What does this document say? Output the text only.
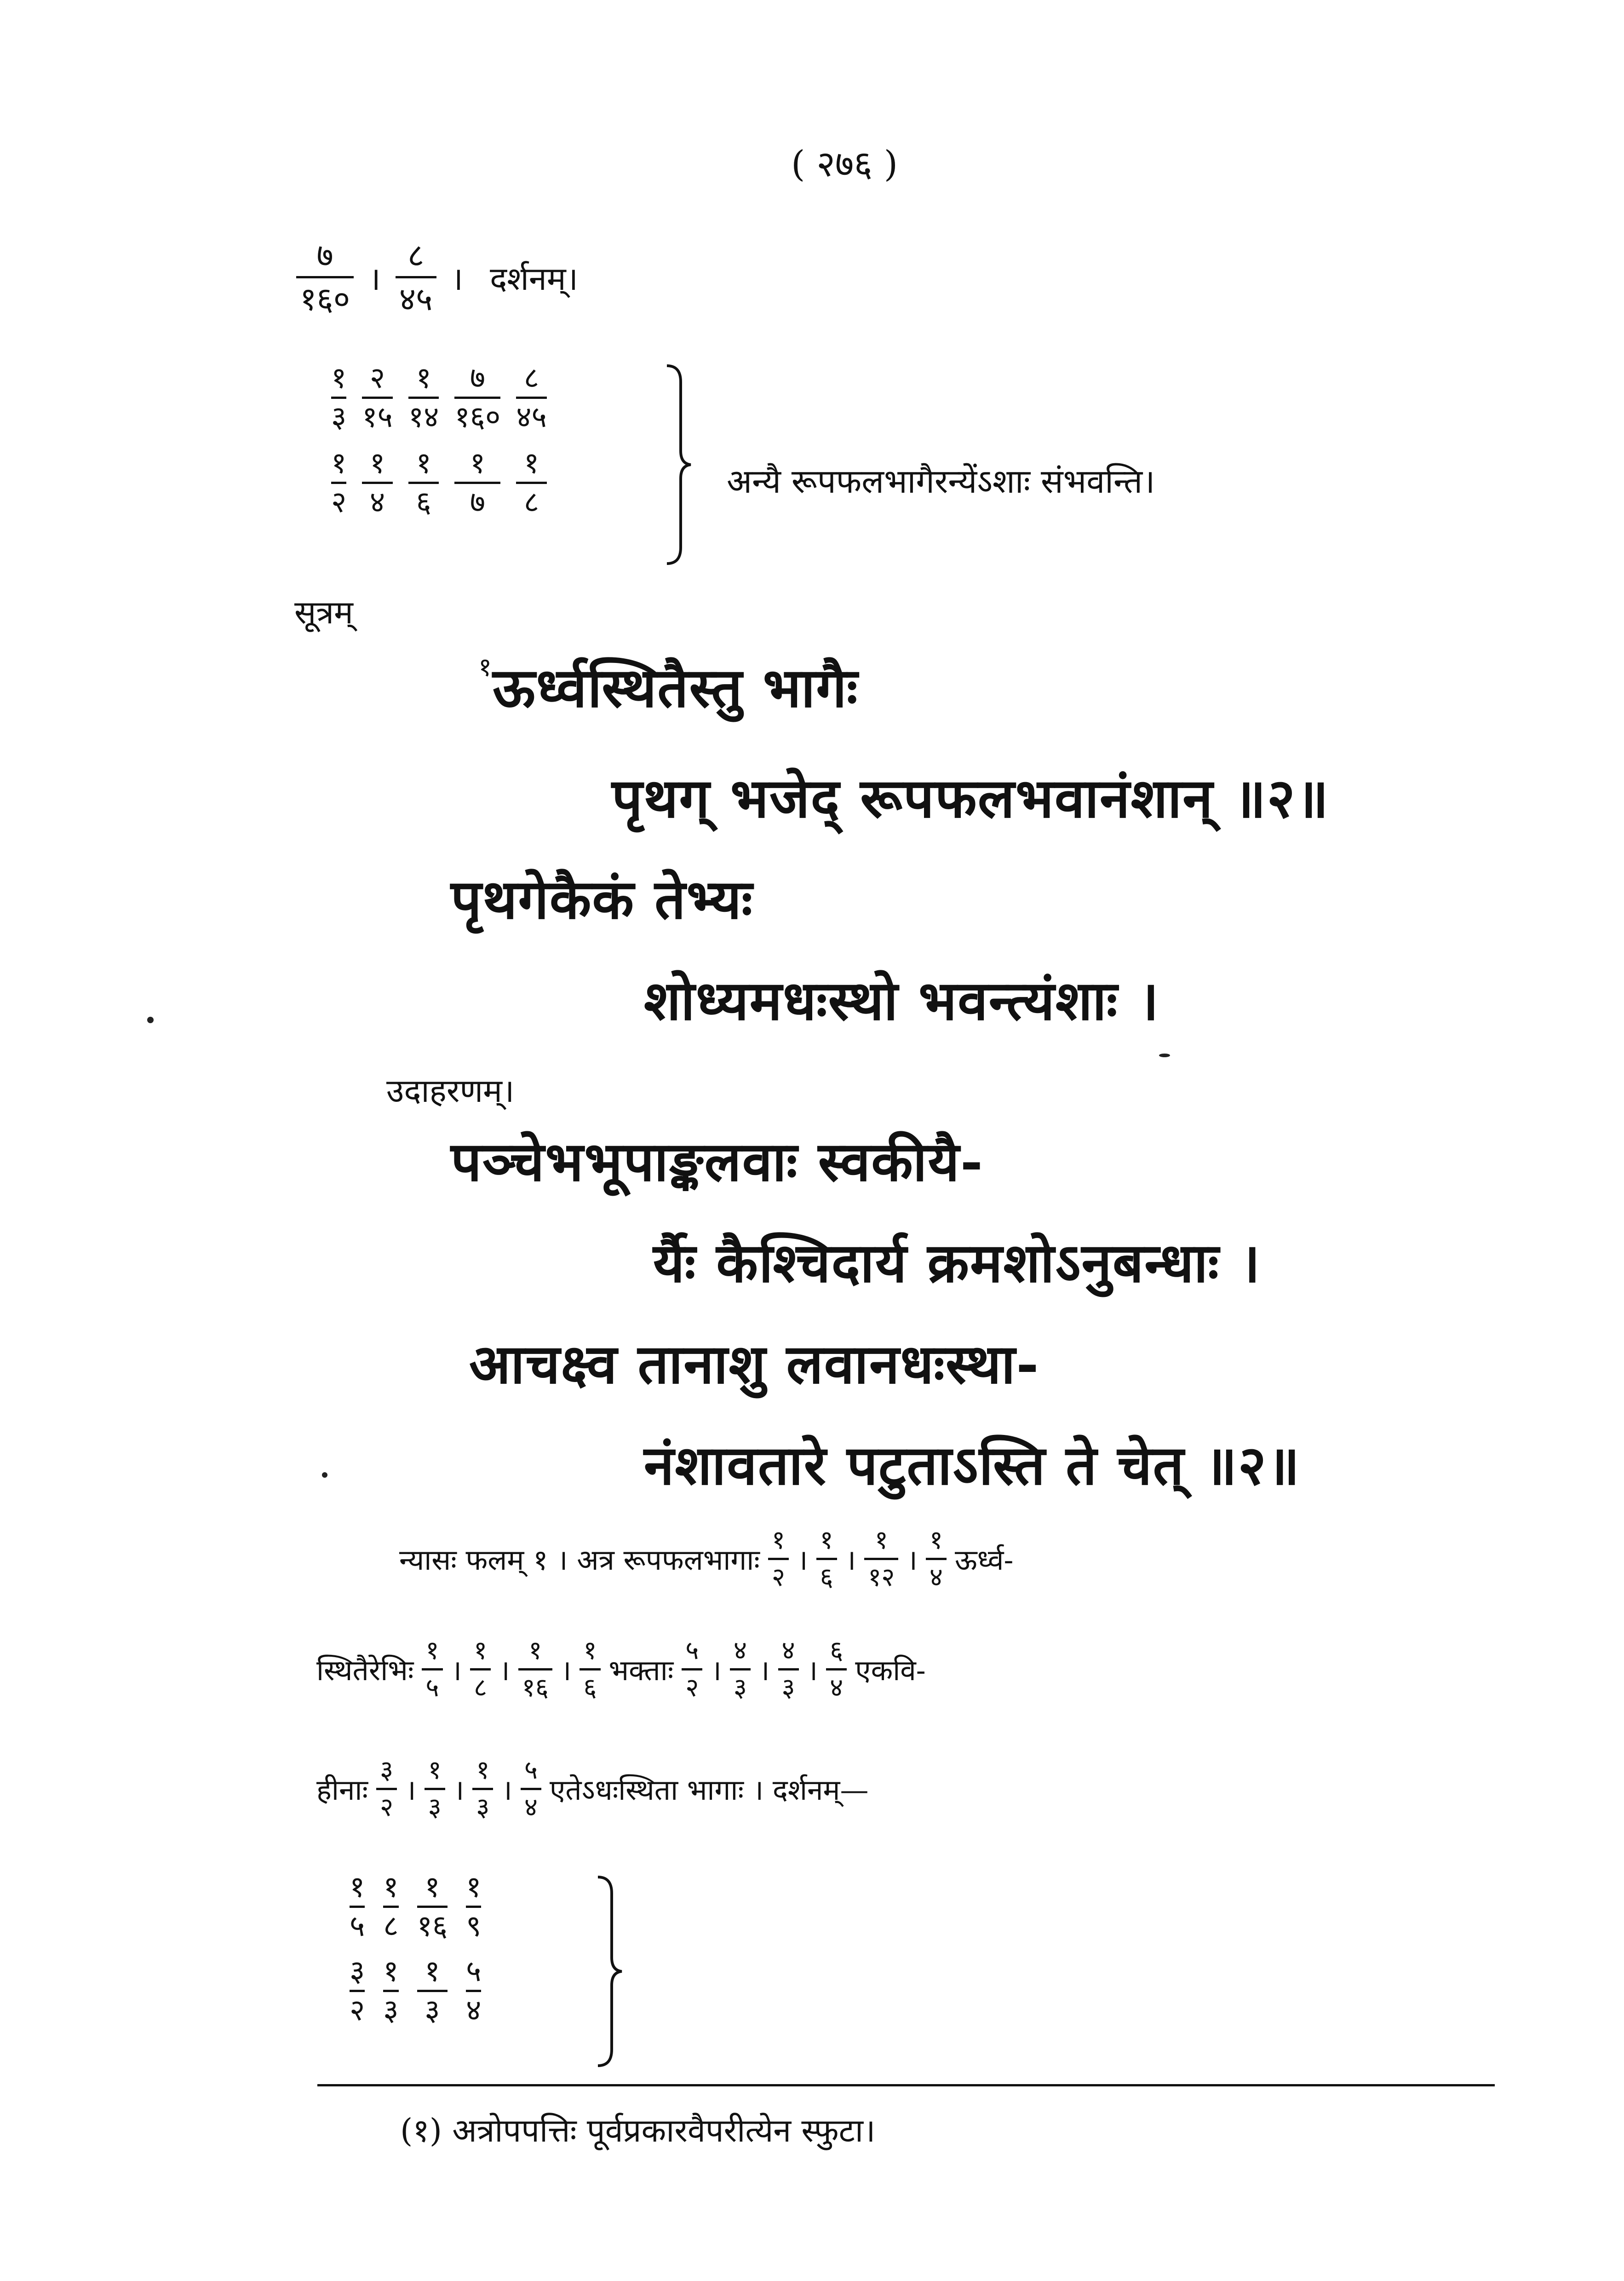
( २७६ )
$\frac{७}{१६०}$ । $\frac{८}{४५}$ । दर्शनम्।
१
३
२
१५
१
१४
७
१६०
८
४५
१
२
१
४
१
६
१
७
१
८
अन्यै रूपफलभागैरन्येंऽशाः संभवन्ति।
सूत्रम्
$^१$ऊर्ध्वस्थितैस्तु भागैः
पृथग् भजेद् रूपफलभवानंशान् ॥२॥
पृथगेकैकं तेभ्यः
शोध्यमधःस्थो भवन्त्यंशाः ।
उदाहरणम्।
पञ्चेभभूपाङ्कलवाः स्वकीयै-
र्यैः कैश्चिदार्य क्रमशोऽनुबन्धाः ।
आचक्ष्व तानाशु लवानधःस्था-
नंशावतारे पटुताऽस्ति ते चेत् ॥२॥
न्यासः फलम् १ । अत्र रूपफलभागाः $\frac{१}{२}$ । $\frac{१}{६}$ । $\frac{१}{१२}$ । $\frac{१}{४}$ ऊर्ध्व-
स्थितैरेभिः $\frac{१}{५}$ । $\frac{१}{८}$ । $\frac{१}{१६}$ । $\frac{१}{६}$ भक्ताः $\frac{५}{२}$ । $\frac{४}{३}$ । $\frac{४}{३}$ । $\frac{६}{४}$ एकवि-
हीनाः $\frac{३}{२}$ । $\frac{१}{३}$ । $\frac{१}{३}$ । $\frac{५}{४}$ एतेऽधःस्थिता भागाः । दर्शनम्—
१
५
१
८
१
१६
१
९
३
२
१
३
१
३
५
४
(१) अत्रोपपत्तिः पूर्वप्रकारवैपरीत्येन स्फुटा।
